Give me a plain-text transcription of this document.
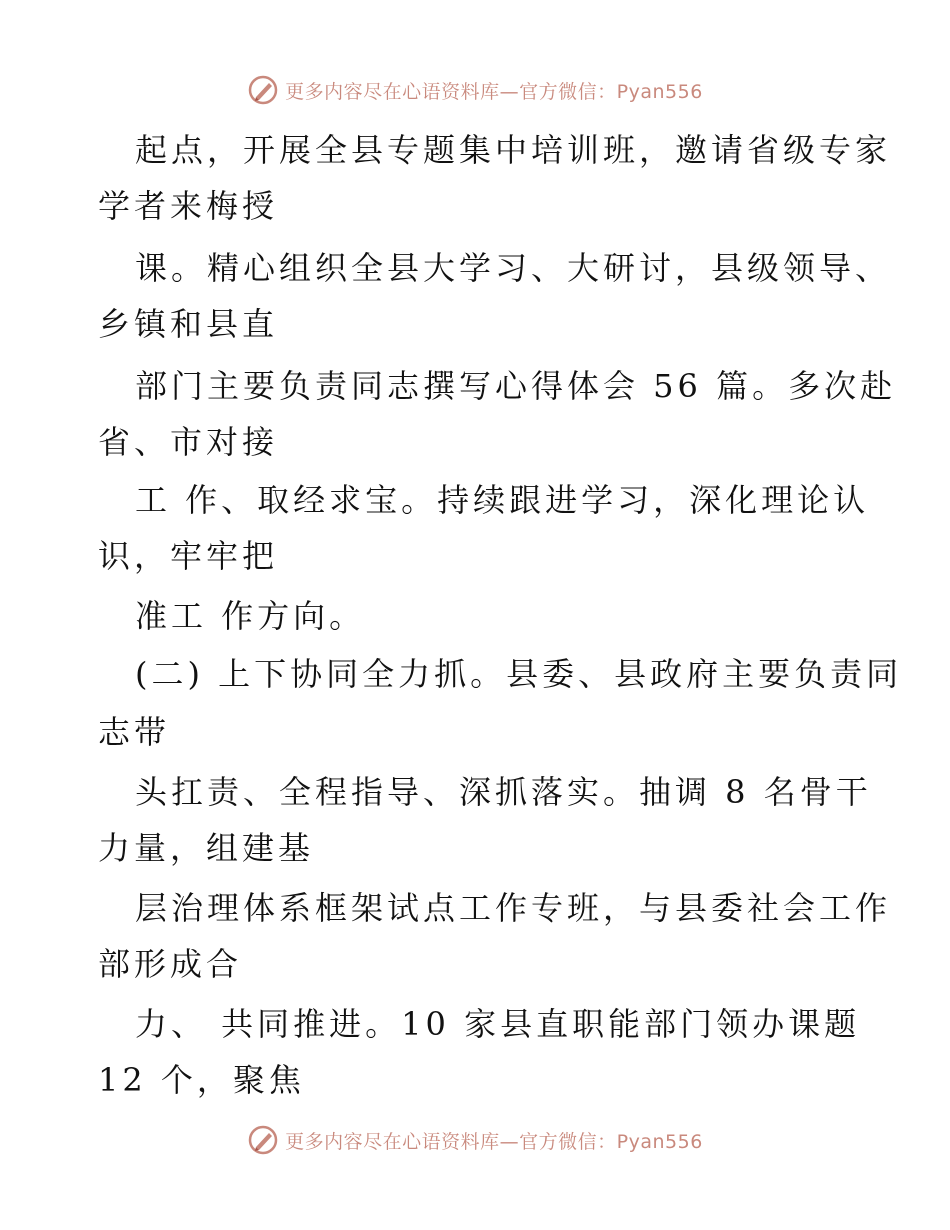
更多内容尽在心语资料库—官方微信：Pyan556
起点，开展全县专题集中培训班，邀请省级专家
学者来梅授
课。精心组织全县大学习、大研讨，县级领导、
乡镇和县直
部门主要负责同志撰写心得体会 56 篇。多次赴
省、市对接
工 作、取经求宝。持续跟进学习，深化理论认
识，牢牢把
准工 作方向。
(二) 上下协同全力抓。县委、县政府主要负责同
志带
头扛责、全程指导、深抓落实。抽调 8 名骨干
力量，组建基
层治理体系框架试点工作专班，与县委社会工作
部形成合
力、 共同推进。10 家县直职能部门领办课题
12 个，聚焦
更多内容尽在心语资料库—官方微信：Pyan556
